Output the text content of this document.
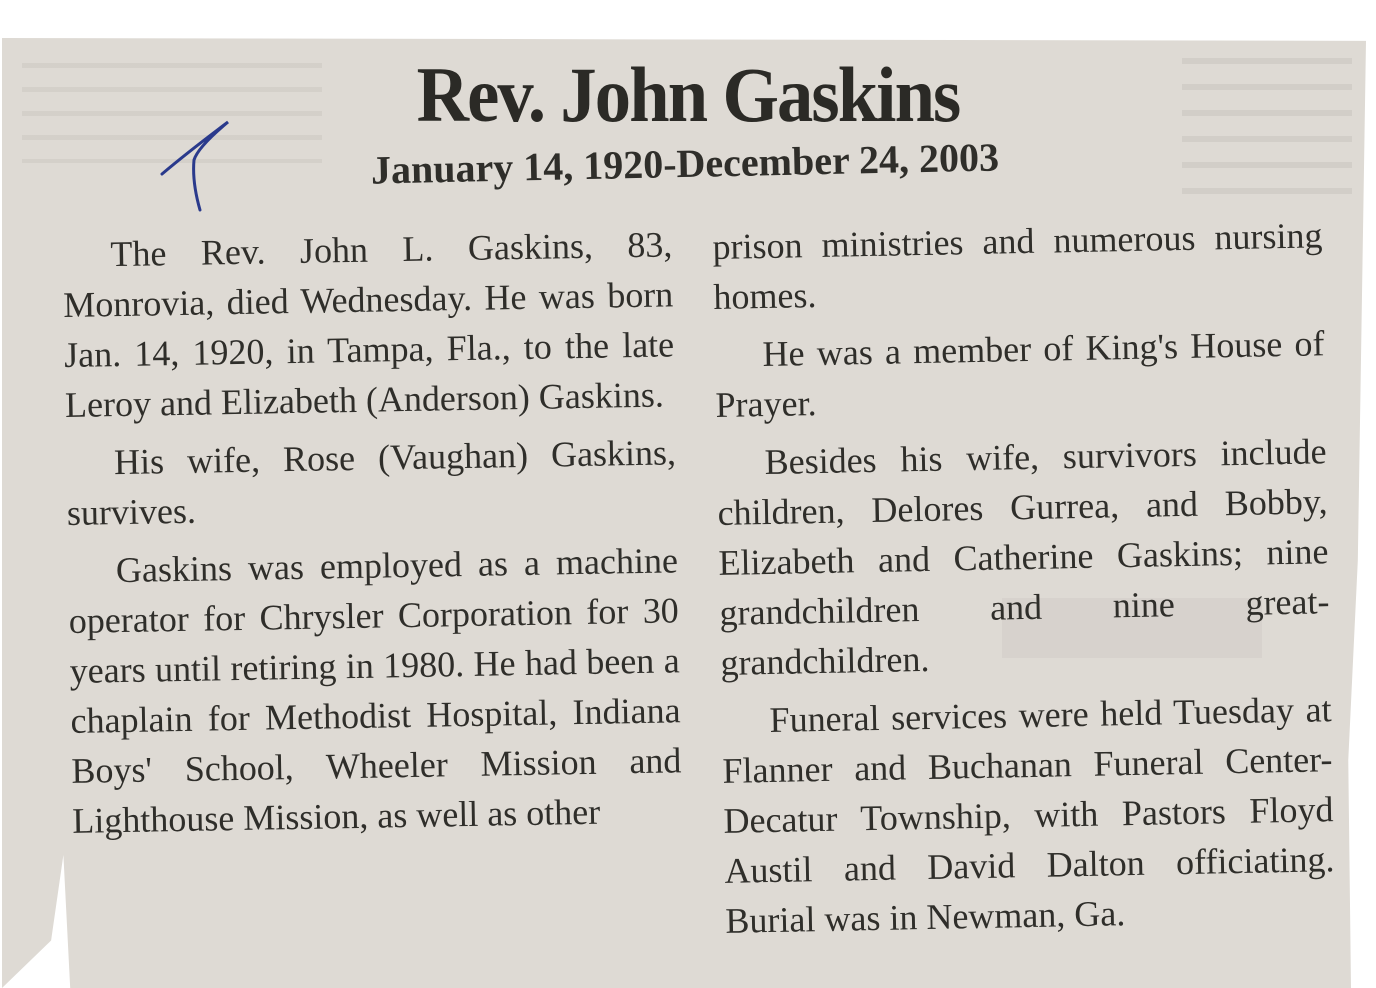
Rev. John Gaskins
January 14, 1920-December 24, 2003

The Rev. John L. Gaskins, 83, Monrovia, died Wednesday. He was born Jan. 14, 1920, in Tampa, Fla., to the late Leroy and Elizabeth (Anderson) Gaskins.

His wife, Rose (Vaughan) Gaskins, survives.

Gaskins was employed as a machine operator for Chrysler Corporation for 30 years until retiring in 1980. He had been a chaplain for Methodist Hospital, Indiana Boys' School, Wheeler Mission and Lighthouse Mission, as well as other

prison ministries and numerous nursing homes.

He was a member of King's House of Prayer.

Besides his wife, survivors include children, Delores Gurrea, and Bobby, Elizabeth and Catherine Gaskins; nine grandchildren and nine great-grandchildren.

Funeral services were held Tuesday at Flanner and Buchanan Funeral Center-Decatur Township, with Pastors Floyd Austil and David Dalton officiating. Burial was in Newman, Ga.
